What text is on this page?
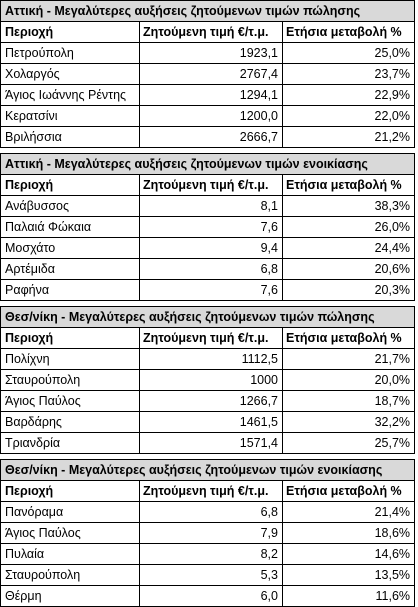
Αττική - Μεγαλύτερες αυξήσεις ζητούμενων τιμών πώλησης		
Περιοχή	Ζητούμενη τιμή €/τ.μ.	Ετήσια μεταβολή %
Πετρούπολη	1923,1	25,0%
Χολαργός	2767,4	23,7%
Άγιος Ιωάννης Ρέντης	1294,1	22,9%
Κερατσίνι	1200,0	22,0%
Βριλήσσια	2666,7	21,2%
Αττική - Μεγαλύτερες αυξήσεις ζητούμενων τιμών ενοικίασης		
Περιοχή	Ζητούμενη τιμή €/τ.μ.	Ετήσια μεταβολή %
Ανάβυσσος	8,1	38,3%
Παλαιά Φώκαια	7,6	26,0%
Μοσχάτο	9,4	24,4%
Αρτέμιδα	6,8	20,6%
Ραφήνα	7,6	20,3%
Θεσ/νίκη - Μεγαλύτερες αυξήσεις ζητούμενων τιμών πώλησης		
Περιοχή	Ζητούμενη τιμή €/τ.μ.	Ετήσια μεταβολή %
Πολίχνη	1112,5	21,7%
Σταυρούπολη	1000	20,0%
Άγιος Παύλος	1266,7	18,7%
Βαρδάρης	1461,5	32,2%
Τριανδρία	1571,4	25,7%
Θεσ/νίκη - Μεγαλύτερες αυξήσεις ζητούμενων τιμών ενοικίασης		
Περιοχή	Ζητούμενη τιμή €/τ.μ.	Ετήσια μεταβολή %
Πανόραμα	6,8	21,4%
Άγιος Παύλος	7,9	18,6%
Πυλαία	8,2	14,6%
Σταυρούπολη	5,3	13,5%
Θέρμη	6,0	11,6%
